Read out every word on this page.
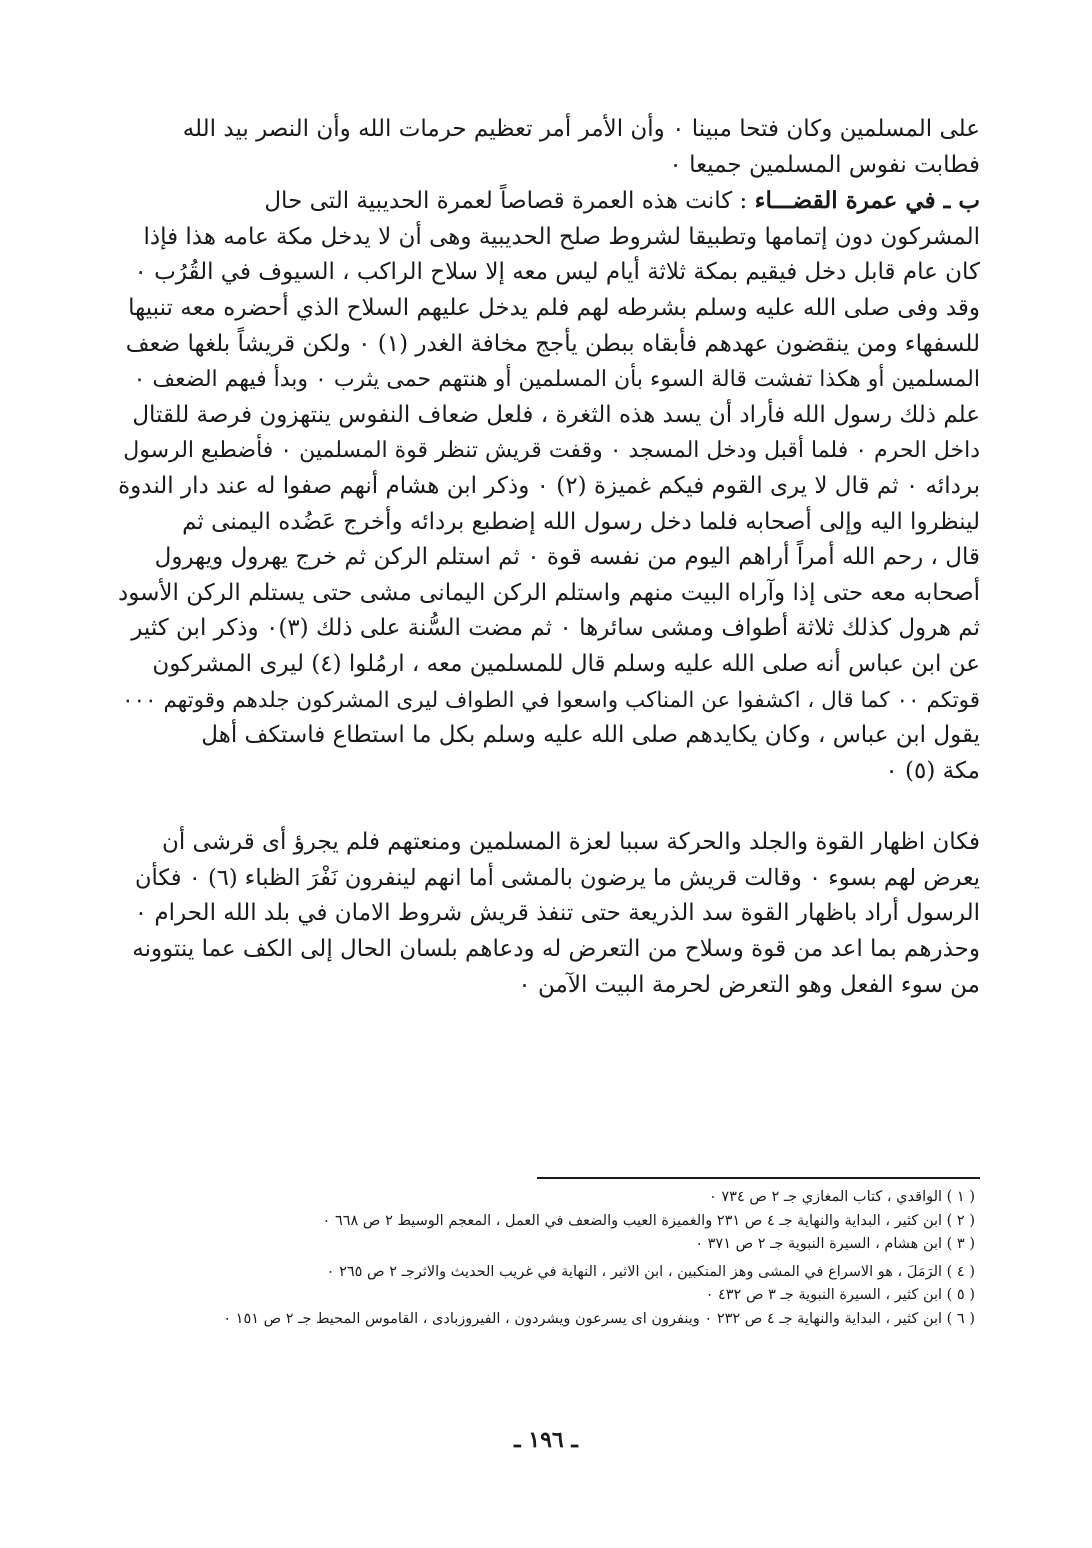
على المسلمين وكان فتحا مبينا ٠ وأن الأمر أمر تعظيم حرمات الله وأن النصر بيد الله
فطابت نفوس المسلمين جميعا ٠
ب ـ في عمرة القضـــاء : كانت هذه العمرة قصاصاً لعمرة الحديبية التى حال
المشركون دون إتمامها وتطبيقا لشروط صلح الحديبية وهى أن لا يدخل مكة عامه هذا فإذا
كان عام قابل دخل فيقيم بمكة ثلاثة أيام ليس معه إلا سلاح الراكب ، السيوف في القُرُب ٠
وقد وفى صلى الله عليه وسلم بشرطه لهم فلم يدخل عليهم السلاح الذي أحضره معه تنبيها
للسفهاء ومن ينقضون عهدهم فأبقاه ببطن يأجج مخافة الغدر (١) ٠ ولكن قريشاً بلغها ضعف
المسلمين أو هكذا تفشت قالة السوء بأن المسلمين أو هنتهم حمى يثرب ٠ وبدأ فيهم الضعف ٠
علم ذلك رسول الله فأراد أن يسد هذه الثغرة ، فلعل ضعاف النفوس ينتهزون فرصة للقتال
داخل الحرم ٠ فلما أقبل ودخل المسجد ٠ وقفت قريش تنظر قوة المسلمين ٠ فأضطبع الرسول
بردائه ٠ ثم قال لا يرى القوم فيكم غميزة (٢) ٠ وذكر ابن هشام أنهم صفوا له عند دار الندوة
لينظروا اليه وإلى أصحابه فلما دخل رسول الله إضطبع بردائه وأخرج عَضُده اليمنى ثم
قال ، رحم الله أمراً أراهم اليوم من نفسه قوة ٠ ثم استلم الركن ثم خرج يهرول ويهرول
أصحابه معه حتى إذا وآراه البيت منهم واستلم الركن اليمانى مشى حتى يستلم الركن الأسود
ثم هرول كذلك ثلاثة أطواف ومشى سائرها ٠ ثم مضت السُّنة على ذلك (٣)٠ وذكر ابن كثير
عن ابن عباس أنه صلى الله عليه وسلم قال للمسلمين معه ، ارمُلوا (٤) ليرى المشركون
قوتكم ٠٠ كما قال ، اكشفوا عن المناكب واسعوا في الطواف ليرى المشركون جلدهم وقوتهم ٠٠٠
يقول ابن عباس ، وكان يكايدهم صلى الله عليه وسلم بكل ما استطاع فاستكف أهل
مكة (٥) ٠

فكان اظهار القوة والجلد والحركة سببا لعزة المسلمين ومنعتهم فلم يجرؤ أى قرشى أن
يعرض لهم بسوء ٠ وقالت قريش ما يرضون بالمشى أما انهم لينفرون نَفْرَ الظباء (٦) ٠ فكأن
الرسول أراد باظهار القوة سد الذريعة حتى تنفذ قريش شروط الامان في بلد الله الحرام ٠
وحذرهم بما اعد من قوة وسلاح من التعرض له ودعاهم بلسان الحال إلى الكف عما ينتوونه
من سوء الفعل وهو التعرض لحرمة البيت الآمن ٠

( ١ ) الواقدي ، كتاب المغازي جـ ٢ ص ٧٣٤ ٠
( ٢ ) ابن كثير ، البداية والنهاية جـ ٤ ص ٢٣١ والغميزة العيب والضعف في العمل ، المعجم الوسيط ٢ ص ٦٦٨ ٠
( ٣ ) ابن هشام ، السيرة النبوية جـ ٢ ص ٣٧١ ٠
( ٤ ) الرَمَلَ ، هو الاسراع في المشى وهز المنكبين ، ابن الاثير ، النهاية في غريب الحديث والاثرجـ ٢ ص ٢٦٥ ٠
( ٥ ) ابن كثير ، السيرة النبوية جـ ٣ ص ٤٣٢ ٠
( ٦ ) ابن كثير ، البداية والنهاية جـ ٤ ص ٢٣٢ ٠ وينفرون اى يسرعون ويشردون ، الفيروزبادى ، القاموس المحيط جـ ٢ ص ١٥١ ٠
ـ ١٩٦ ـ
